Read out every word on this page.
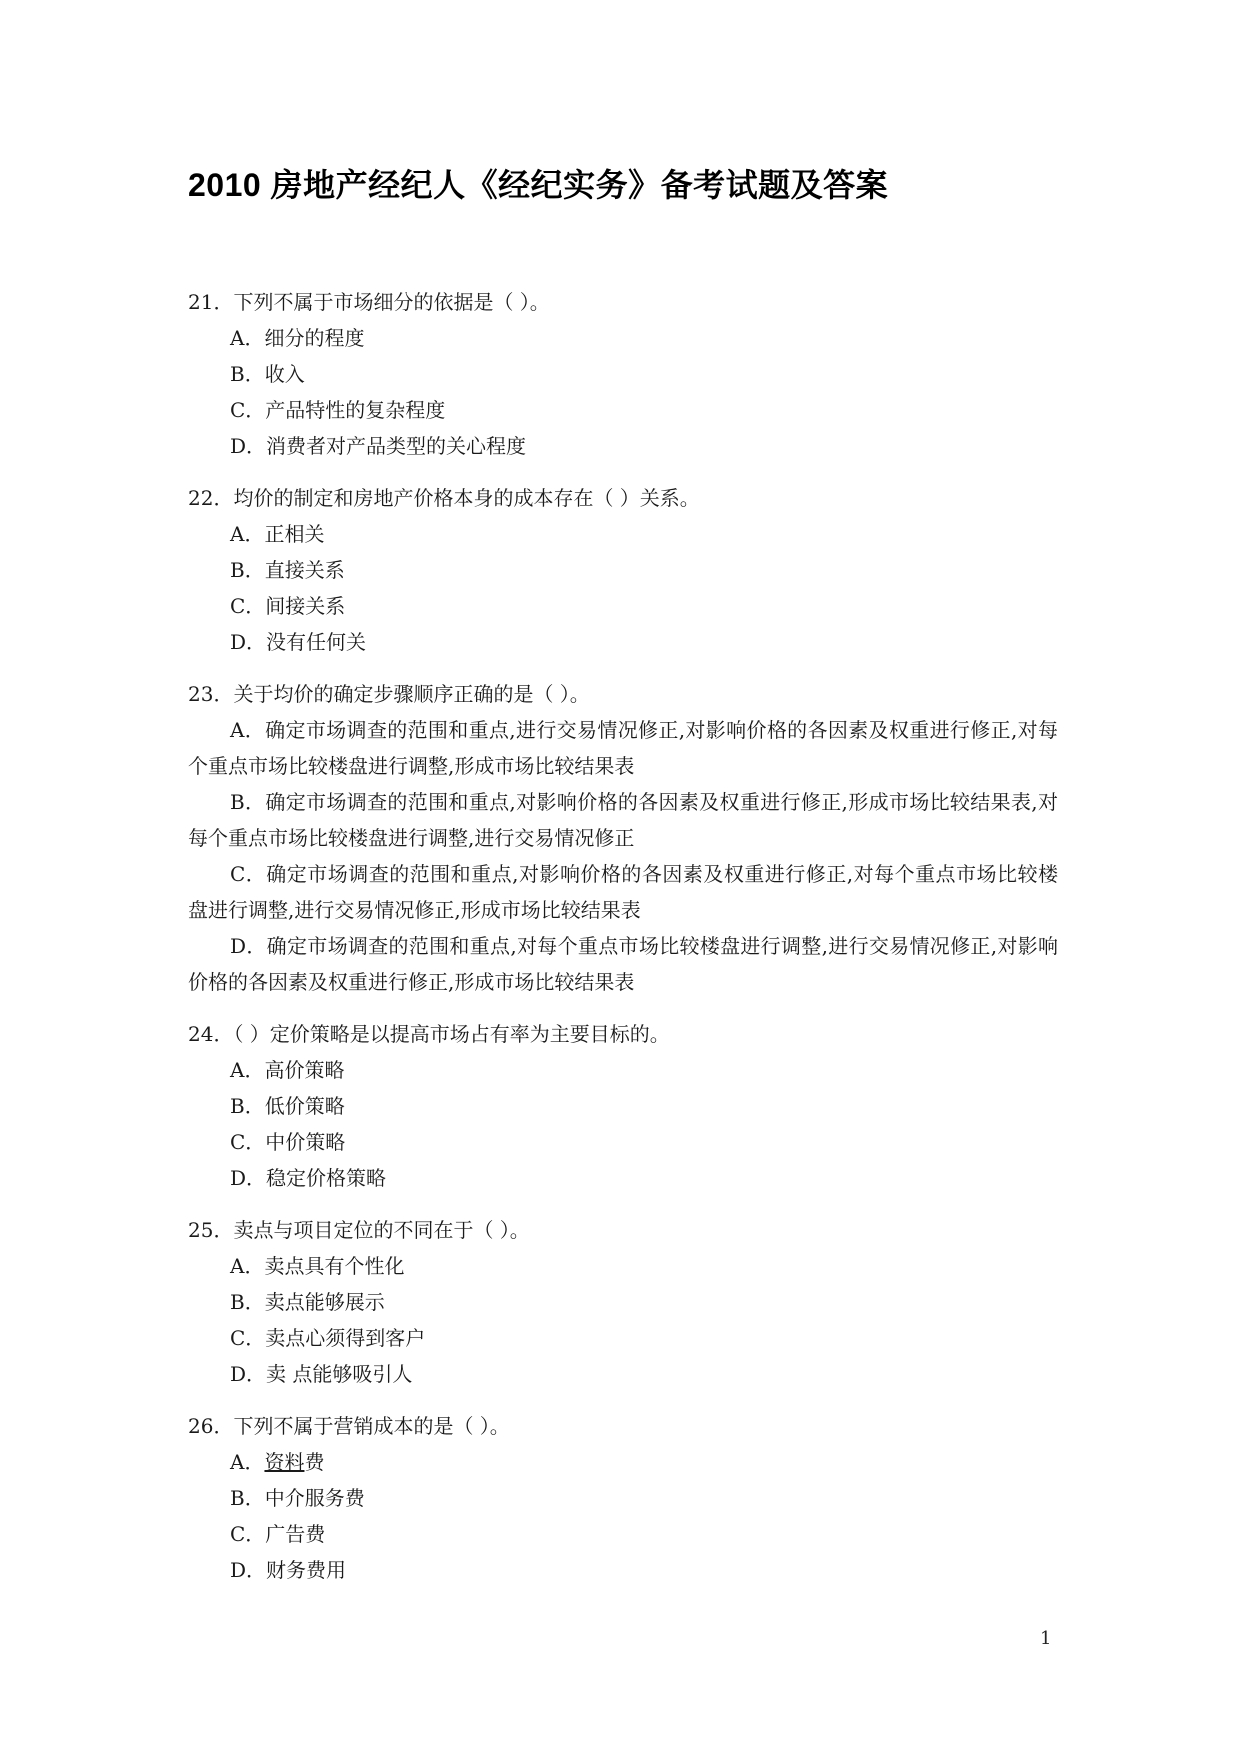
2010 房地产经纪人《经纪实务》备考试题及答案
21．下列不属于市场细分的依据是（ ）。
A．细分的程度
B．收入
C．产品特性的复杂程度
D．消费者对产品类型的关心程度
22．均价的制定和房地产价格本身的成本存在（ ）关系。
A．正相关
B．直接关系
C．间接关系
D．没有任何关
23．关于均价的确定步骤顺序正确的是（ ）。
A．确定市场调查的范围和重点,进行交易情况修正,对影响价格的各因素及权重进行修正,对每个重点市场比较楼盘进行调整,形成市场比较结果表
B．确定市场调查的范围和重点,对影响价格的各因素及权重进行修正,形成市场比较结果表,对每个重点市场比较楼盘进行调整,进行交易情况修正
C．确定市场调查的范围和重点,对影响价格的各因素及权重进行修正,对每个重点市场比较楼盘进行调整,进行交易情况修正,形成市场比较结果表
D．确定市场调查的范围和重点,对每个重点市场比较楼盘进行调整,进行交易情况修正,对影响价格的各因素及权重进行修正,形成市场比较结果表
24．（ ）定价策略是以提高市场占有率为主要目标的。
A．高价策略
B．低价策略
C．中价策略
D．稳定价格策略
25．卖点与项目定位的不同在于（ ）。
A．卖点具有个性化
B．卖点能够展示
C．卖点心须得到客户
D．卖 点能够吸引人
26．下列不属于营销成本的是（ ）。
A．资料费
B．中介服务费
C．广告费
D．财务费用
1
